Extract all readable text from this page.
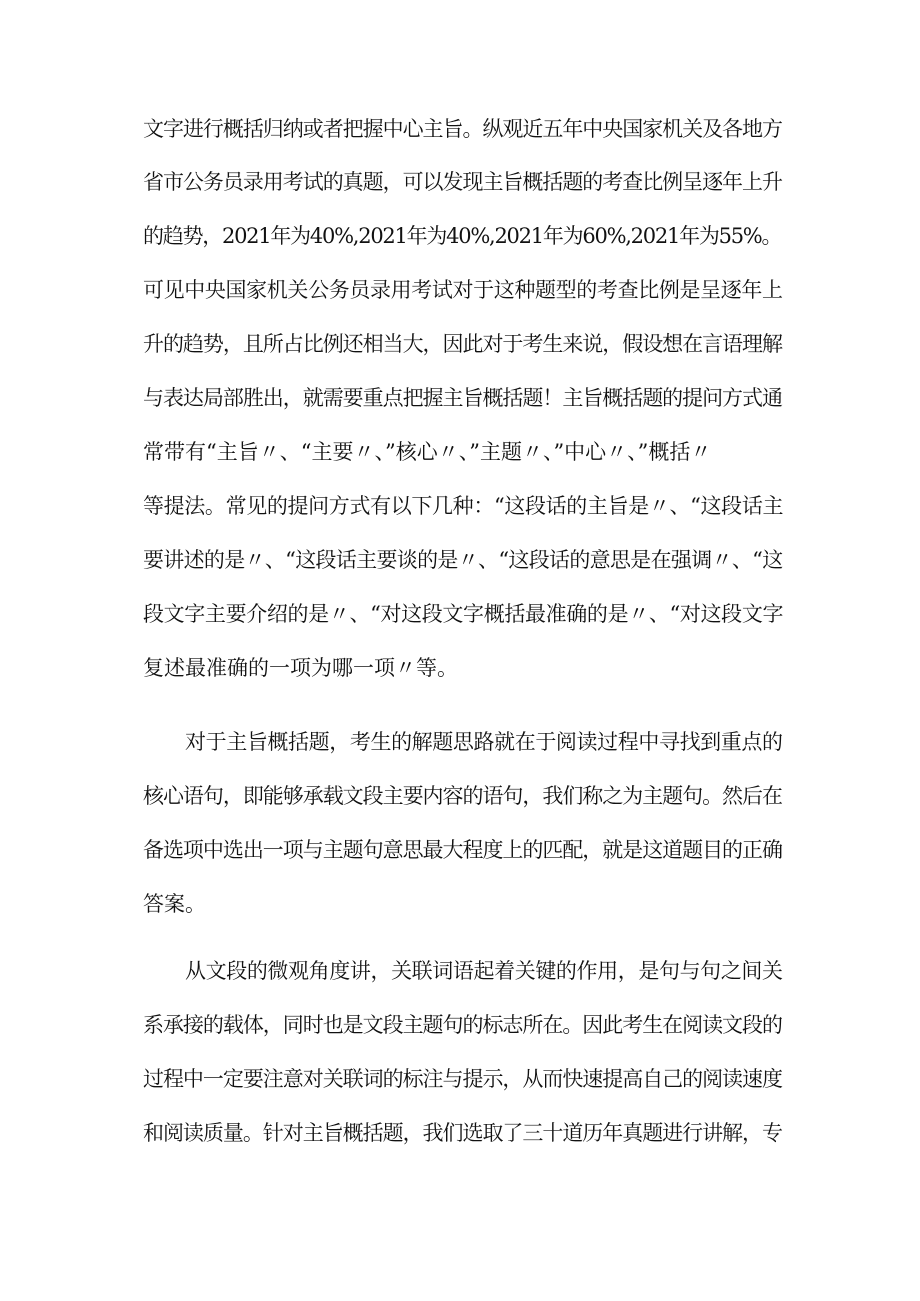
文字进行概括归纳或者把握中心主旨。纵观近五年中央国家机关及各地方
省市公务员录用考试的真题，可以发现主旨概括题的考查比例呈逐年上升
的趋势，2021年为40%,2021年为40%,2021年为60%,2021年为55%。
可见中央国家机关公务员录用考试对于这种题型的考查比例是呈逐年上
升的趋势，且所占比例还相当大，因此对于考生来说，假设想在言语理解
与表达局部胜出，就需要重点把握主旨概括题！主旨概括题的提问方式通
常带有“主旨〃、“主要〃、”核心〃、”主题〃、”中心〃、”概括〃
等提法。常见的提问方式有以下几种：“这段话的主旨是〃、“这段话主
要讲述的是〃、“这段话主要谈的是〃、“这段话的意思是在强调〃、“这
段文字主要介绍的是〃、“对这段文字概括最准确的是〃、“对这段文字
复述最准确的一项为哪一项〃等。
对于主旨概括题，考生的解题思路就在于阅读过程中寻找到重点的
核心语句，即能够承载文段主要内容的语句，我们称之为主题句。然后在
备选项中选出一项与主题句意思最大程度上的匹配，就是这道题目的正确
答案。
从文段的微观角度讲，关联词语起着关键的作用，是句与句之间关
系承接的载体，同时也是文段主题句的标志所在。因此考生在阅读文段的
过程中一定要注意对关联词的标注与提示，从而快速提高自己的阅读速度
和阅读质量。针对主旨概括题，我们选取了三十道历年真题进行讲解，专
